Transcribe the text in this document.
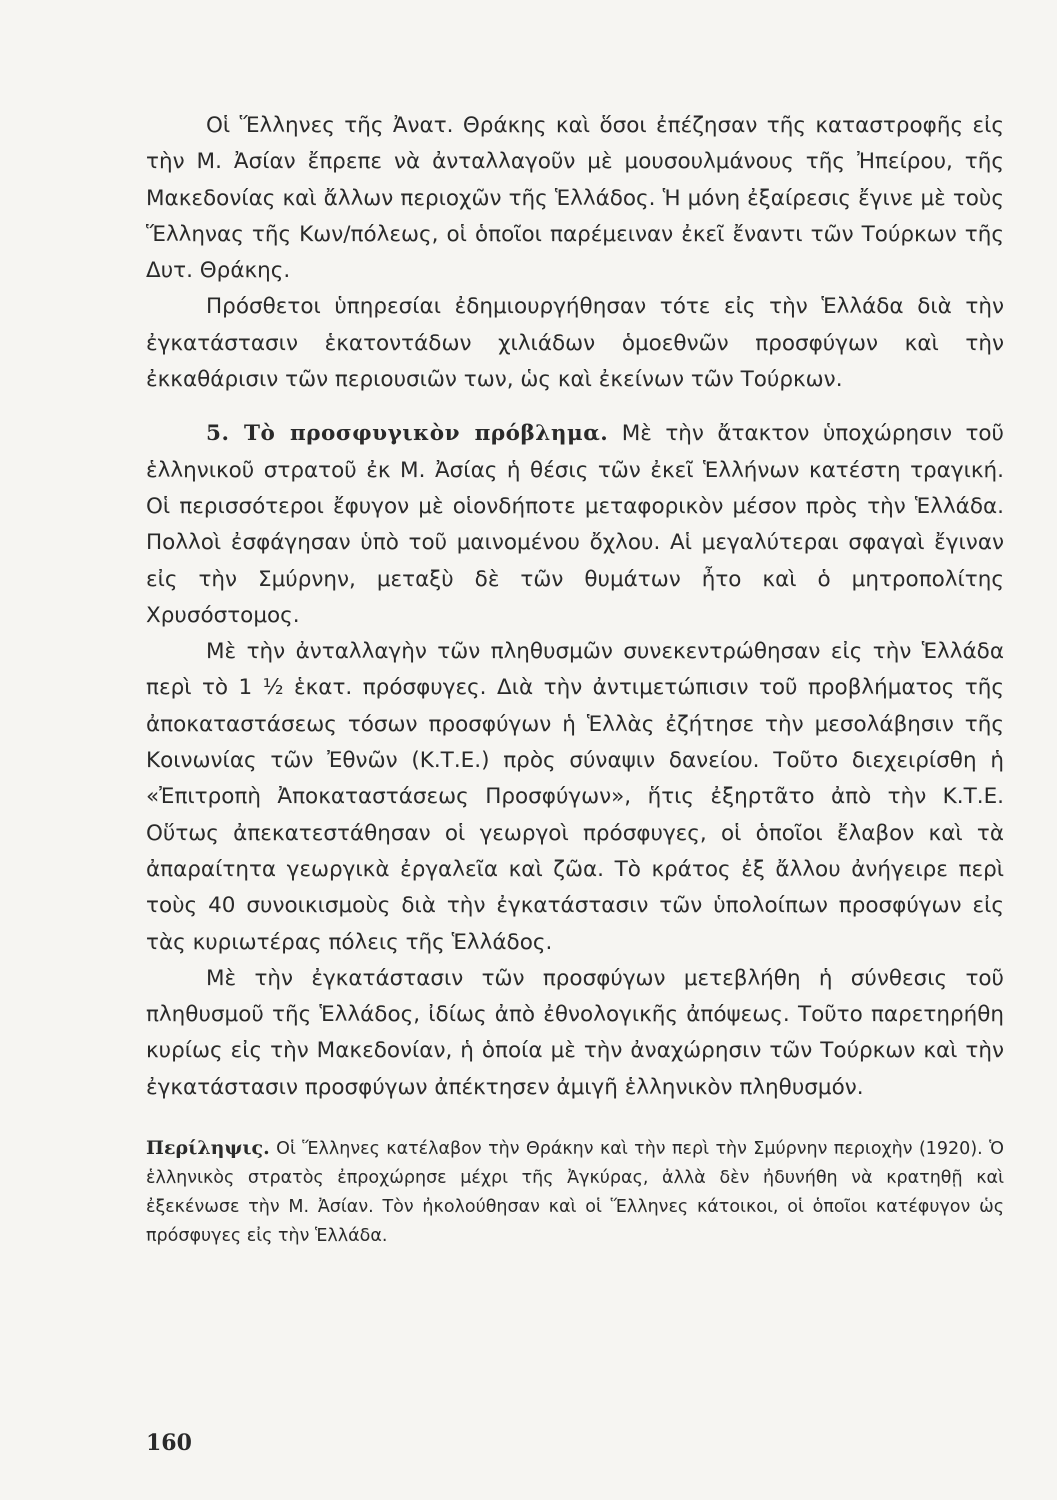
Οἱ Ἕλληνες τῆς Ἀνατ. Θράκης καὶ ὅσοι ἐπέζησαν τῆς καταστροφῆς εἰς τὴν Μ. Ἀσίαν ἔπρεπε νὰ ἀνταλλαγοῦν μὲ μουσουλμάνους τῆς Ἠπείρου, τῆς Μακεδονίας καὶ ἄλλων περιοχῶν τῆς Ἑλλάδος. Ἡ μόνη ἐξαίρεσις ἔγινε μὲ τοὺς Ἕλληνας τῆς Κων/πόλεως, οἱ ὁποῖοι παρέμειναν ἐκεῖ ἔναντι τῶν Τούρκων τῆς Δυτ. Θράκης.

Πρόσθετοι ὑπηρεσίαι ἐδημιουργήθησαν τότε εἰς τὴν Ἑλλάδα διὰ τὴν ἐγκατάστασιν ἑκατοντάδων χιλιάδων ὁμοεθνῶν προσφύγων καὶ τὴν ἐκκαθάρισιν τῶν περιουσιῶν των, ὡς καὶ ἐκείνων τῶν Τούρκων.

5. Τὸ προσφυγικὸν πρόβλημα. Μὲ τὴν ἄτακτον ὑποχώρησιν τοῦ ἑλληνικοῦ στρατοῦ ἐκ Μ. Ἀσίας ἡ θέσις τῶν ἐκεῖ Ἑλλήνων κατέστη τραγική. Οἱ περισσότεροι ἔφυγον μὲ οἱονδήποτε μεταφορικὸν μέσον πρὸς τὴν Ἑλλάδα. Πολλοὶ ἐσφάγησαν ὑπὸ τοῦ μαινομένου ὄχλου. Αἱ μεγαλύτεραι σφαγαὶ ἔγιναν εἰς τὴν Σμύρνην, μεταξὺ δὲ τῶν θυμάτων ἦτο καὶ ὁ μητροπολίτης Χρυσόστομος.

Μὲ τὴν ἀνταλλαγὴν τῶν πληθυσμῶν συνεκεντρώθησαν εἰς τὴν Ἑλλάδα περὶ τὸ 1 ½ ἑκατ. πρόσφυγες. Διὰ τὴν ἀντιμετώπισιν τοῦ προβλήματος τῆς ἀποκαταστάσεως τόσων προσφύγων ἡ Ἑλλὰς ἐζήτησε τὴν μεσολάβησιν τῆς Κοινωνίας τῶν Ἐθνῶν (Κ.Τ.Ε.) πρὸς σύναψιν δανείου. Τοῦτο διεχειρίσθη ἡ «Ἐπιτροπὴ Ἀποκαταστάσεως Προσφύγων», ἥτις ἐξηρτᾶτο ἀπὸ τὴν Κ.Τ.Ε. Οὕτως ἀπεκατεστάθησαν οἱ γεωργοὶ πρόσφυγες, οἱ ὁποῖοι ἔλαβον καὶ τὰ ἀπαραίτητα γεωργικὰ ἐργαλεῖα καὶ ζῶα. Τὸ κράτος ἐξ ἄλλου ἀνήγειρε περὶ τοὺς 40 συνοικισμοὺς διὰ τὴν ἐγκατάστασιν τῶν ὑπολοίπων προσφύγων εἰς τὰς κυριωτέρας πόλεις τῆς Ἑλλάδος.

Μὲ τὴν ἐγκατάστασιν τῶν προσφύγων μετεβλήθη ἡ σύνθεσις τοῦ πληθυσμοῦ τῆς Ἑλλάδος, ἰδίως ἀπὸ ἐθνολογικῆς ἀπόψεως. Τοῦτο παρετηρήθη κυρίως εἰς τὴν Μακεδονίαν, ἡ ὁποία μὲ τὴν ἀναχώρησιν τῶν Τούρκων καὶ τὴν ἐγκατάστασιν προσφύγων ἀπέκτησεν ἀμιγῆ ἑλληνικὸν πληθυσμόν.

Περίληψις. Οἱ Ἕλληνες κατέλαβον τὴν Θράκην καὶ τὴν περὶ τὴν Σμύρνην περιοχὴν (1920). Ὁ ἑλληνικὸς στρατὸς ἐπροχώρησε μέχρι τῆς Ἀγκύρας, ἀλλὰ δὲν ἠδυνήθη νὰ κρατηθῇ καὶ ἐξεκένωσε τὴν Μ. Ἀσίαν. Τὸν ἠκολούθησαν καὶ οἱ Ἕλληνες κάτοικοι, οἱ ὁποῖοι κατέφυγον ὡς πρόσφυγες εἰς τὴν Ἑλλάδα.

160
